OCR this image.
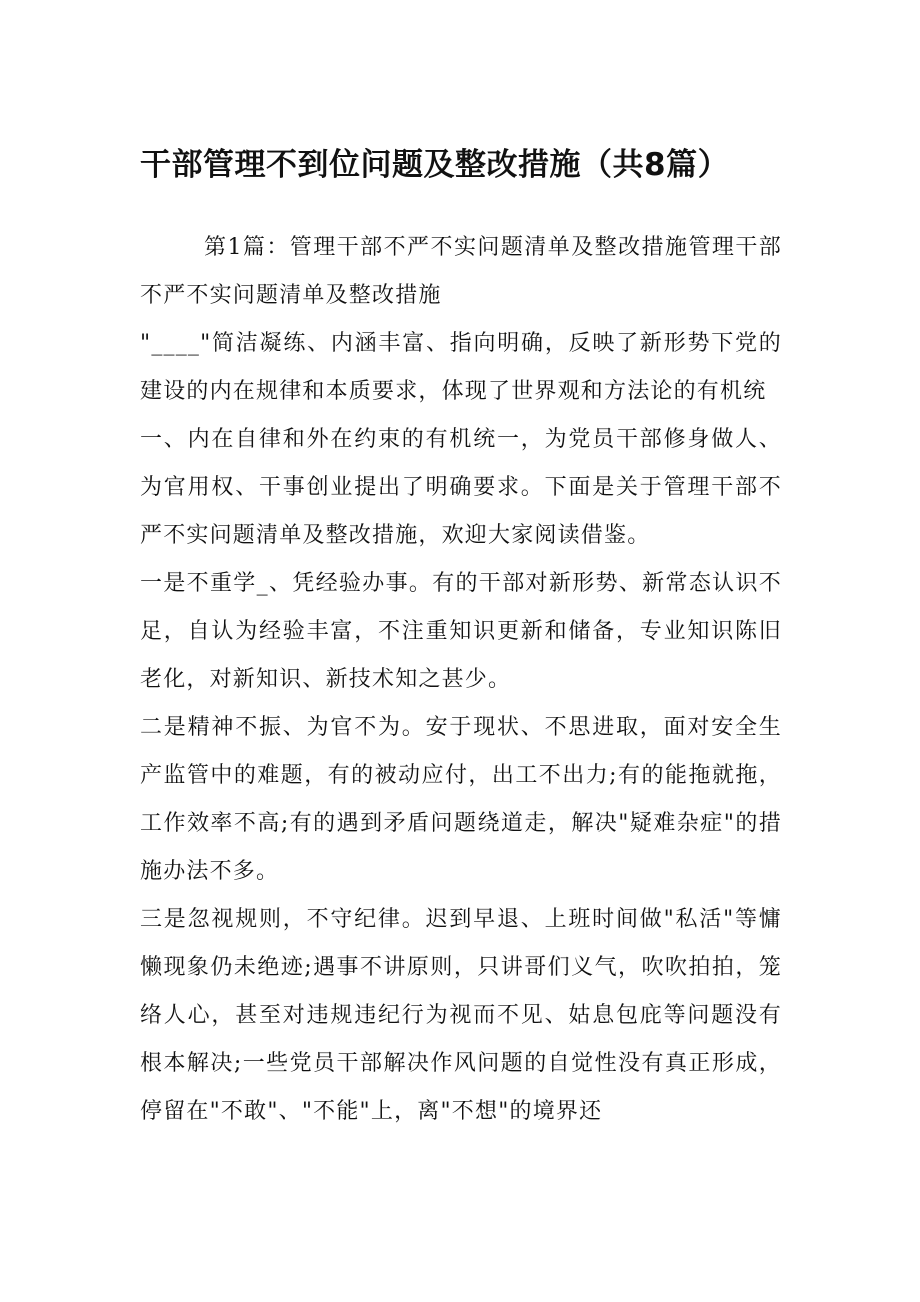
干部管理不到位问题及整改措施（共8篇）

第1篇：管理干部不严不实问题清单及整改措施管理干部不严不实问题清单及整改措施

"____"简洁凝练、内涵丰富、指向明确，反映了新形势下党的建设的内在规律和本质要求，体现了世界观和方法论的有机统

一、内在自律和外在约束的有机统一，为党员干部修身做人、为官用权、干事创业提出了明确要求。下面是关于管理干部不严不实问题清单及整改措施，欢迎大家阅读借鉴。

一是不重学_、凭经验办事。有的干部对新形势、新常态认识不足，自认为经验丰富，不注重知识更新和储备，专业知识陈旧老化，对新知识、新技术知之甚少。

二是精神不振、为官不为。安于现状、不思进取，面对安全生产监管中的难题，有的被动应付，出工不出力;有的能拖就拖，工作效率不高;有的遇到矛盾问题绕道走，解决"疑难杂症"的措施办法不多。

三是忽视规则，不守纪律。迟到早退、上班时间做"私活"等慵懒现象仍未绝迹;遇事不讲原则，只讲哥们义气，吹吹拍拍，笼络人心，甚至对违规违纪行为视而不见、姑息包庇等问题没有根本解决;一些党员干部解决作风问题的自觉性没有真正形成，停留在"不敢"、"不能"上，离"不想"的境界还
